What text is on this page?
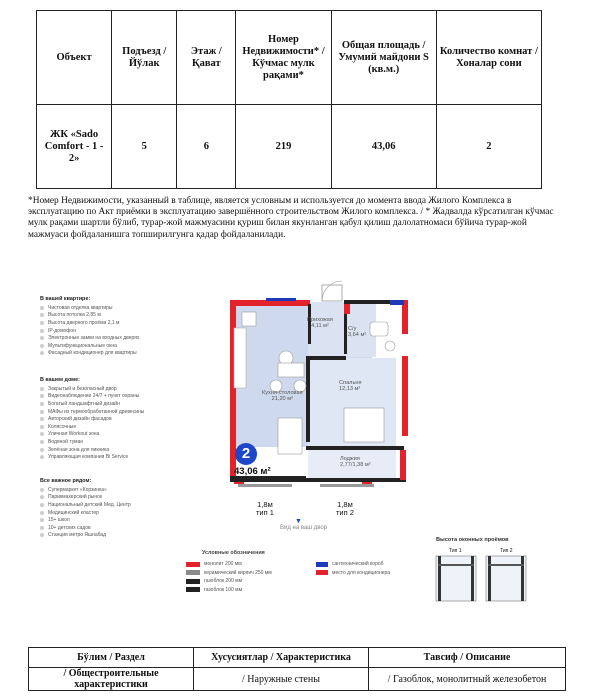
Объект	Подъезд / Йўлак	Этаж / Қават	Номер Недвижимости* / Кўчмас мулк рақами*	Общая площадь / Умумий майдони S (кв.м.)	Количество комнат / Хоналар сони
ЖК «Sado Comfort - 1 - 2»	5	6	219	43,06	2
*Номер Недвижимости, указанный в таблице, является условным и используется до момента ввода Жилого Комплекса в эксплуатацию по Акт приёмки в эксплуатацию завершённого строительством Жилого комплекса. / * Жадвалда кўрсатилган кўчмас мулк рақами шартли бўлиб, турар-жой мажмуасини қуриш билан якунланган қабул қилиш далолатномаси бўйича турар-жой мажмуаси фойдаланишга топширилгунга қадар фойдаланилади.
В вашей квартире:
Чистовая отделка квартиры
Высота потолка 2,85 м
Высота дверного проёма 2,1 м
IP-домофон
Электронные замки на входных дверях
Мультифункциональные окна
Фасадный кондиционер для квартиры
В вашем доме:
Закрытый и безопасный двор
Видеонаблюдение 24/7 + пункт охраны
Богатый ландшафтный дизайн
МАФы из термообработанной древесины
Авторский дизайн фасадов
Колясочные
Уличная Workout зона
Водяной туман
Зелёная зона для пикника
Управляющая компания Bi Service
Все важное рядом:
Супермаркет «Корзинка»
Парикмахерский рынок
Национальный детский Мед. Центр
Медицинский кластер
15+ школ
10+ детских садов
Станция метро Яшнабад
Прихожая
4,11 м²	С/у
3,64 м²
Кухня-столовая
21,20 м²
Спальня
12,13 м²
Лоджия
2,77/1,38 м²
2
43,06 м²
1,8м
тип 1
1,8м
тип 2
▼
Вид на ваш двор
Условные обозначения
монолит 200 мм
керамический кирпич 250 мм
газоблок 200 мм
газоблок 100 мм
сантехнический короб
место для кондиционера
Высота оконных проёмов
Тип 1	Тип 2
Бўлим / Раздел	Хусусиятлар / Характеристика	Тавсиф / Описание
/ Общестроительные характеристики	/ Наружные стены	/ Газоблок, монолитный железобетон
